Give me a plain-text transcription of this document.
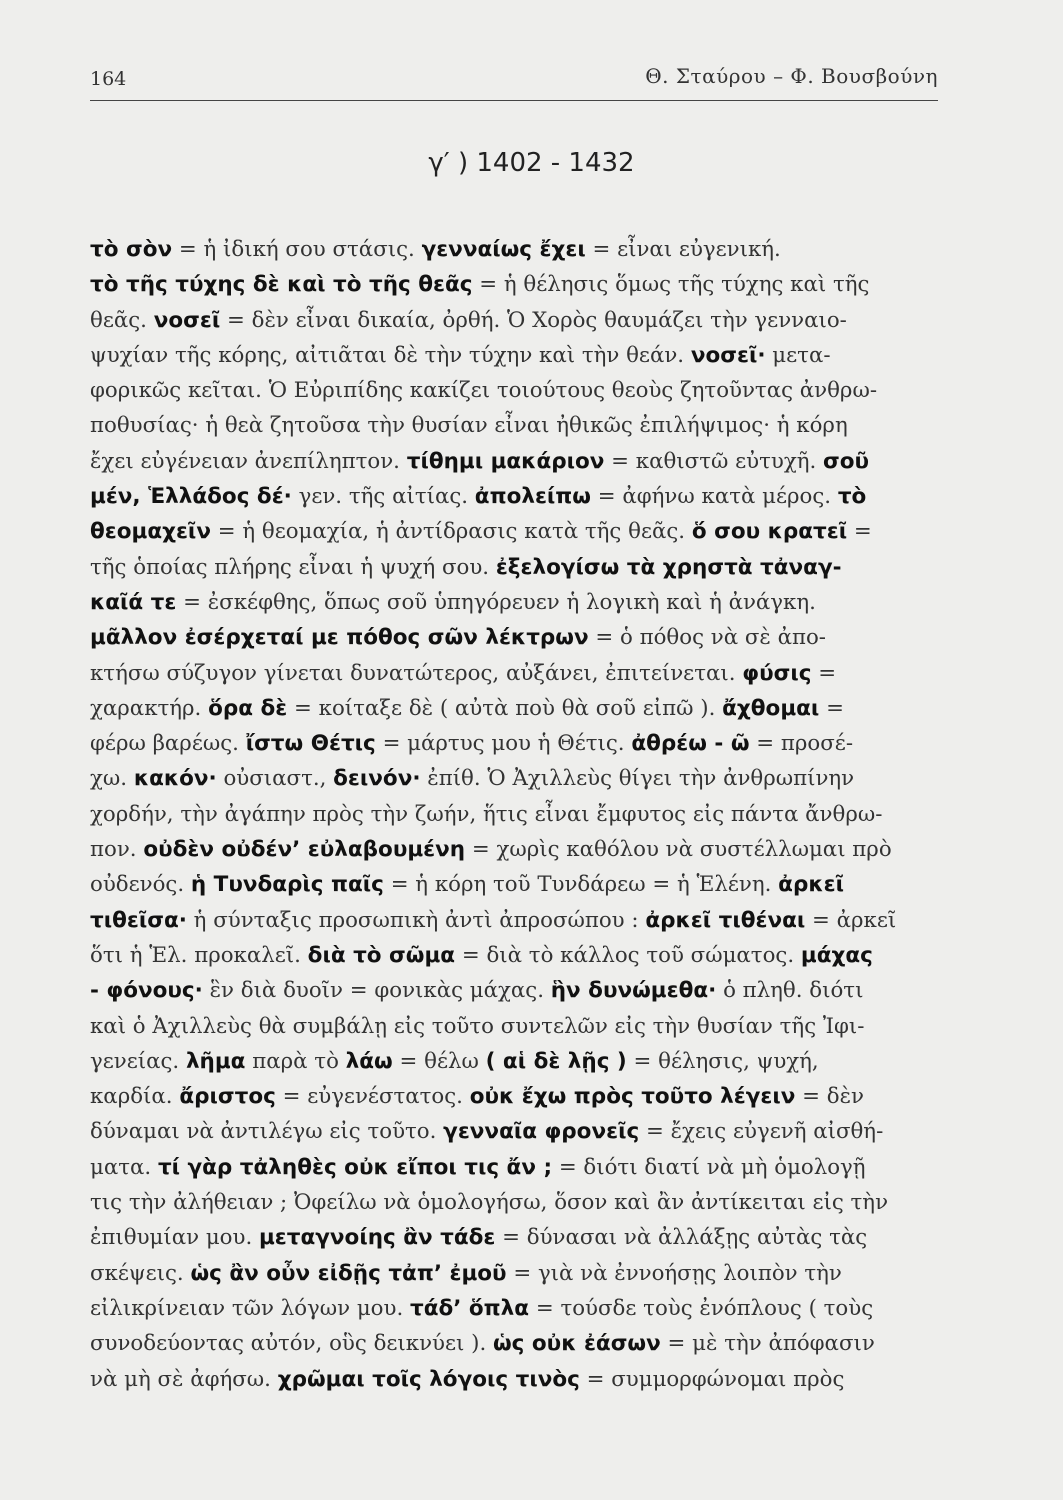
164	Θ. Σταύρου – Φ. Βουσβούνη
γ′ ) 1402 - 1432
τὸ σὸν = ἡ ἰδική σου στάσις. γενναίως ἔχει = εἶναι εὐγενική.
τὸ τῆς τύχης δὲ καὶ τὸ τῆς θεᾶς = ἡ θέλησις ὅμως τῆς τύχης καὶ τῆς
θεᾶς. νοσεῖ = δὲν εἶναι δικαία, ὀρθή. Ὁ Χορὸς θαυμάζει τὴν γενναιο-
ψυχίαν τῆς κόρης, αἰτιᾶται δὲ τὴν τύχην καὶ τὴν θεάν. νοσεῖ· μετα-
φορικῶς κεῖται. Ὁ Εὐριπίδης κακίζει τοιούτους θεοὺς ζητοῦντας ἀνθρω-
ποθυσίας· ἡ θεὰ ζητοῦσα τὴν θυσίαν εἶναι ἠθικῶς ἐπιλήψιμος· ἡ κόρη
ἔχει εὐγένειαν ἀνεπίληπτον. τίθημι μακάριον = καθιστῶ εὐτυχῆ. σοῦ
μέν, Ἑλλάδος δέ· γεν. τῆς αἰτίας. ἀπολείπω = ἀφήνω κατὰ μέρος. τὸ
θεομαχεῖν = ἡ θεομαχία, ἡ ἀντίδρασις κατὰ τῆς θεᾶς. ὅ σου κρατεῖ =
τῆς ὁποίας πλήρης εἶναι ἡ ψυχή σου. ἐξελογίσω τὰ χρηστὰ τἀναγ-
καῖά τε = ἐσκέφθης, ὅπως σοῦ ὑπηγόρευεν ἡ λογικὴ καὶ ἡ ἀνάγκη.
μᾶλλον ἐσέρχεταί με πόθος σῶν λέκτρων = ὁ πόθος νὰ σὲ ἀπο-
κτήσω σύζυγον γίνεται δυνατώτερος, αὐξάνει, ἐπιτείνεται. φύσις =
χαρακτήρ. ὅρα δὲ = κοίταξε δὲ ( αὐτὰ ποὺ θὰ σοῦ εἰπῶ ). ἄχθομαι =
φέρω βαρέως. ἴστω Θέτις = μάρτυς μου ἡ Θέτις. ἀθρέω - ῶ = προσέ-
χω. κακόν· οὐσιαστ., δεινόν· ἐπίθ. Ὁ Ἀχιλλεὺς θίγει τὴν ἀνθρωπίνην
χορδήν, τὴν ἀγάπην πρὸς τὴν ζωήν, ἥτις εἶναι ἔμφυτος εἰς πάντα ἄνθρω-
πον. οὐδὲν οὐδέν’ εὐλαβουμένη = χωρὶς καθόλου νὰ συστέλλωμαι πρὸ
οὐδενός. ἡ Τυνδαρὶς παῖς = ἡ κόρη τοῦ Τυνδάρεω = ἡ Ἑλένη. ἀρκεῖ
τιθεῖσα· ἡ σύνταξις προσωπικὴ ἀντὶ ἀπροσώπου : ἀρκεῖ τιθέναι = ἀρκεῖ
ὅτι ἡ Ἑλ. προκαλεῖ. διὰ τὸ σῶμα = διὰ τὸ κάλλος τοῦ σώματος. μάχας
- φόνους· ἓν διὰ δυοῖν = φονικὰς μάχας. ἣν δυνώμεθα· ὁ πληθ. διότι
καὶ ὁ Ἀχιλλεὺς θὰ συμβάλῃ εἰς τοῦτο συντελῶν εἰς τὴν θυσίαν τῆς Ἰφι-
γενείας. λῆμα παρὰ τὸ λάω = θέλω ( αἱ δὲ λῇς ) = θέλησις, ψυχή,
καρδία. ἄριστος = εὐγενέστατος. οὐκ ἔχω πρὸς τοῦτο λέγειν = δὲν
δύναμαι νὰ ἀντιλέγω εἰς τοῦτο. γενναῖα φρονεῖς = ἔχεις εὐγενῆ αἰσθή-
ματα. τί γὰρ τἀληθὲς οὐκ εἴποι τις ἄν ; = διότι διατί νὰ μὴ ὁμολογῇ
τις τὴν ἀλήθειαν ; Ὀφείλω νὰ ὁμολογήσω, ὅσον καὶ ἂν ἀντίκειται εἰς τὴν
ἐπιθυμίαν μου. μεταγνοίης ἂν τάδε = δύνασαι νὰ ἀλλάξῃς αὐτὰς τὰς
σκέψεις. ὡς ἂν οὖν εἰδῇς τἀπ’ ἐμοῦ = γιὰ νὰ ἐννοήσῃς λοιπὸν τὴν
εἰλικρίνειαν τῶν λόγων μου. τάδ’ ὅπλα = τούσδε τοὺς ἐνόπλους ( τοὺς
συνοδεύοντας αὐτόν, οὓς δεικνύει ). ὡς οὐκ ἐάσων = μὲ τὴν ἀπόφασιν
νὰ μὴ σὲ ἀφήσω. χρῶμαι τοῖς λόγοις τινὸς = συμμορφώνομαι πρὸς
